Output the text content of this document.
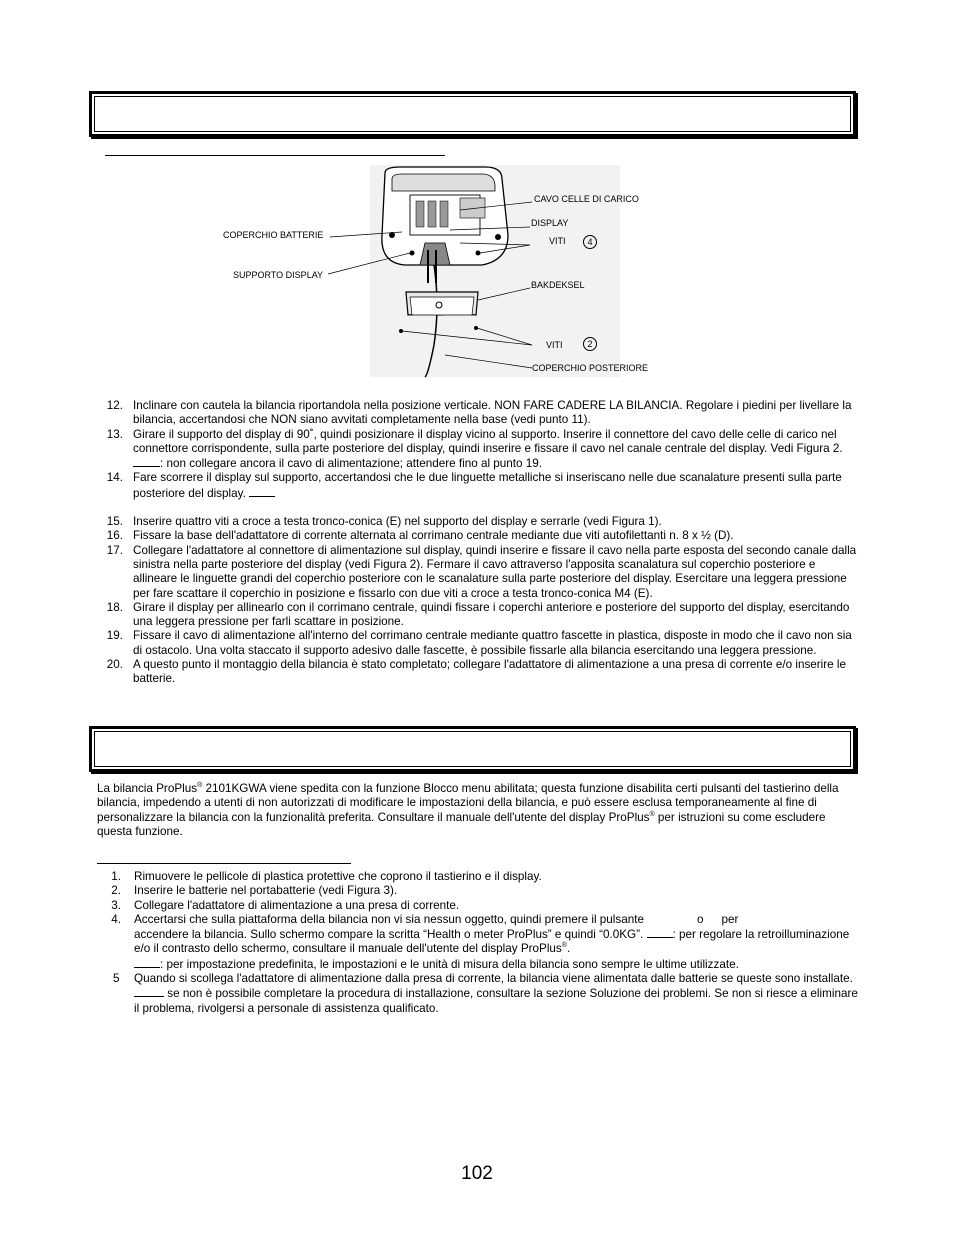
CAVO CELLE DI CARICO
DISPLAY
COPERCHIO BATTERIE
VITI	4
SUPPORTO DISPLAY
BAKDEKSEL
VITI	2
COPERCHIO POSTERIORE
12. Inclinare con cautela la bilancia riportandola nella posizione verticale. NON FARE CADERE LA BILANCIA. Regolare i piedini per livellare la bilancia, accertandosi che NON siano avvitati completamente nella base (vedi punto 11).
13. Girare il supporto del display di 90˚, quindi posizionare il display vicino al supporto. Inserire il connettore del cavo delle celle di carico nel connettore corrispondente, sulla parte posteriore del display, quindi inserire e fissare il cavo nel canale centrale del display. Vedi Figura 2. : non collegare ancora il cavo di alimentazione; attendere fino al punto 19.
14. Fare scorrere il display sul supporto, accertandosi che le due linguette metalliche si inseriscano nelle due scanalature presenti sulla parte posteriore del display.
15. Inserire quattro viti a croce a testa tronco-conica (E) nel supporto del display e serrarle (vedi Figura 1).
16. Fissare la base dell'adattatore di corrente alternata al corrimano centrale mediante due viti autofilettanti n. 8 x ½ (D).
17. Collegare l'adattatore al connettore di alimentazione sul display, quindi inserire e fissare il cavo nella parte esposta del secondo canale dalla sinistra nella parte posteriore del display (vedi Figura 2). Fermare il cavo attraverso l'apposita scanalatura sul coperchio posteriore e allineare le linguette grandi del coperchio posteriore con le scanalature sulla parte posteriore del display. Esercitare una leggera pressione per fare scattare il coperchio in posizione e fissarlo con due viti a croce a testa tronco-conica M4 (E).
18. Girare il display per allinearlo con il corrimano centrale, quindi fissare i coperchi anteriore e posteriore del supporto del display, esercitando una leggera pressione per farli scattare in posizione.
19. Fissare il cavo di alimentazione all'interno del corrimano centrale mediante quattro fascette in plastica, disposte in modo che il cavo non sia di ostacolo. Una volta staccato il supporto adesivo dalle fascette, è possibile fissarle alla bilancia esercitando una leggera pressione.
20. A questo punto il montaggio della bilancia è stato completato; collegare l'adattatore di alimentazione a una presa di corrente e/o inserire le batterie.
La bilancia ProPlus® 2101KGWA viene spedita con la funzione Blocco menu abilitata; questa funzione disabilita certi pulsanti del tastierino della bilancia, impedendo a utenti di non autorizzati di modificare le impostazioni della bilancia, e può essere esclusa temporaneamente al fine di personalizzare la bilancia con la funzionalità preferita. Consultare il manuale dell'utente del display ProPlus® per istruzioni su come escludere questa funzione.
1. Rimuovere le pellicole di plastica protettive che coprono il tastierino e il display.
2. Inserire le batterie nel portabatterie (vedi Figura 3).
3. Collegare l'adattatore di alimentazione a una presa di corrente.
4. Accertarsi che sulla piattaforma della bilancia non vi sia nessun oggetto, quindi premere il pulsante	o per
accendere la bilancia. Sullo schermo compare la scritta “Health o meter ProPlus” e quindi “0.0KG”. : per regolare la retroilluminazione e/o il contrasto dello schermo, consultare il manuale dell'utente del display ProPlus®.
: per impostazione predefinita, le impostazioni e le unità di misura della bilancia sono sempre le ultime utilizzate.
5	Quando si scollega l'adattatore di alimentazione dalla presa di corrente, la bilancia viene alimentata dalle batterie se queste sono installate.  se non è possibile completare la procedura di installazione, consultare la sezione Soluzione dei problemi. Se non si riesce a eliminare il problema, rivolgersi a personale di assistenza qualificato.
102
